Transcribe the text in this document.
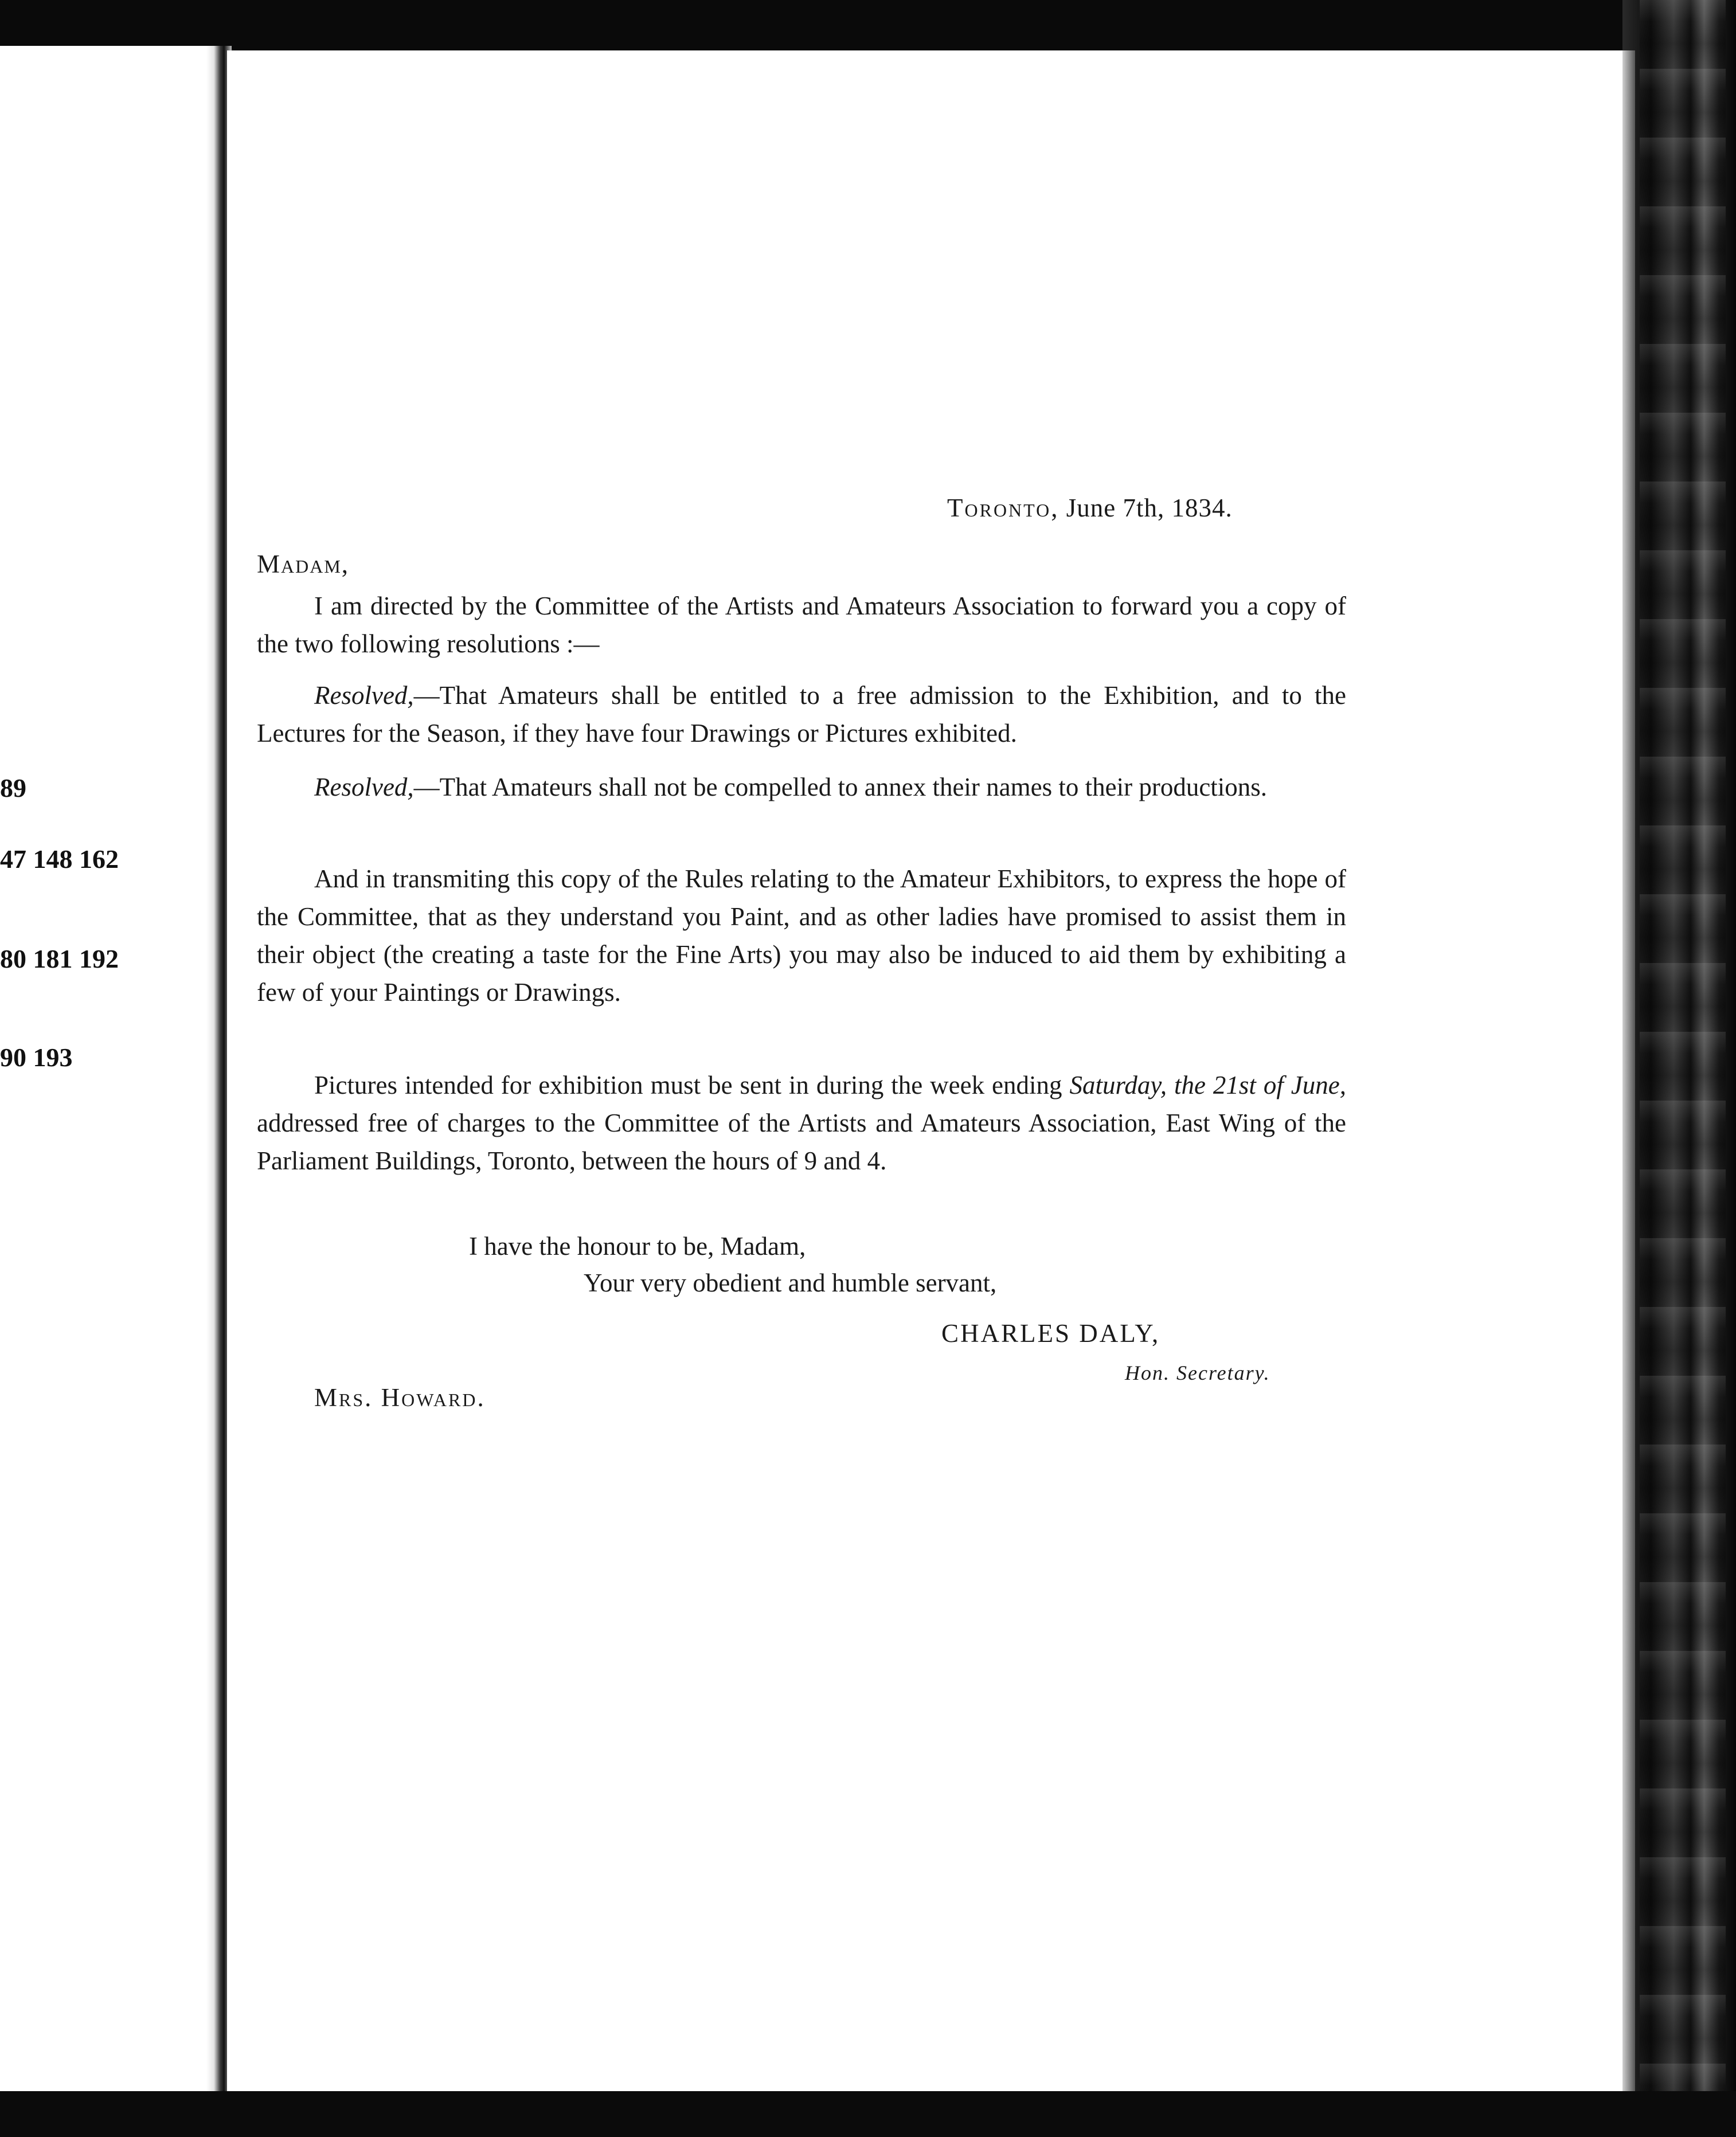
89
47 148 162
80 181 192
90 193
Toronto, June 7th, 1834.
Madam,
I am directed by the Committee of the Artists and Amateurs Association to forward you a copy of the two following resolutions :—
Resolved,—That Amateurs shall be entitled to a free admission to the Exhibition, and to the Lectures for the Season, if they have four Drawings or Pictures exhibited.
Resolved,—That Amateurs shall not be compelled to annex their names to their productions.
And in transmiting this copy of the Rules relating to the Amateur Exhibitors, to express the hope of the Committee, that as they understand you Paint, and as other ladies have promised to assist them in their object (the creating a taste for the Fine Arts) you may also be induced to aid them by exhibiting a few of your Paintings or Drawings.
Pictures intended for exhibition must be sent in during the week ending Saturday, the 21st of June, addressed free of charges to the Committee of the Artists and Amateurs Association, East Wing of the Parliament Buildings, Toronto, between the hours of 9 and 4.
I have the honour to be, Madam,
Your very obedient and humble servant,
CHARLES DALY,
Hon. Secretary.
Mrs. Howard.
